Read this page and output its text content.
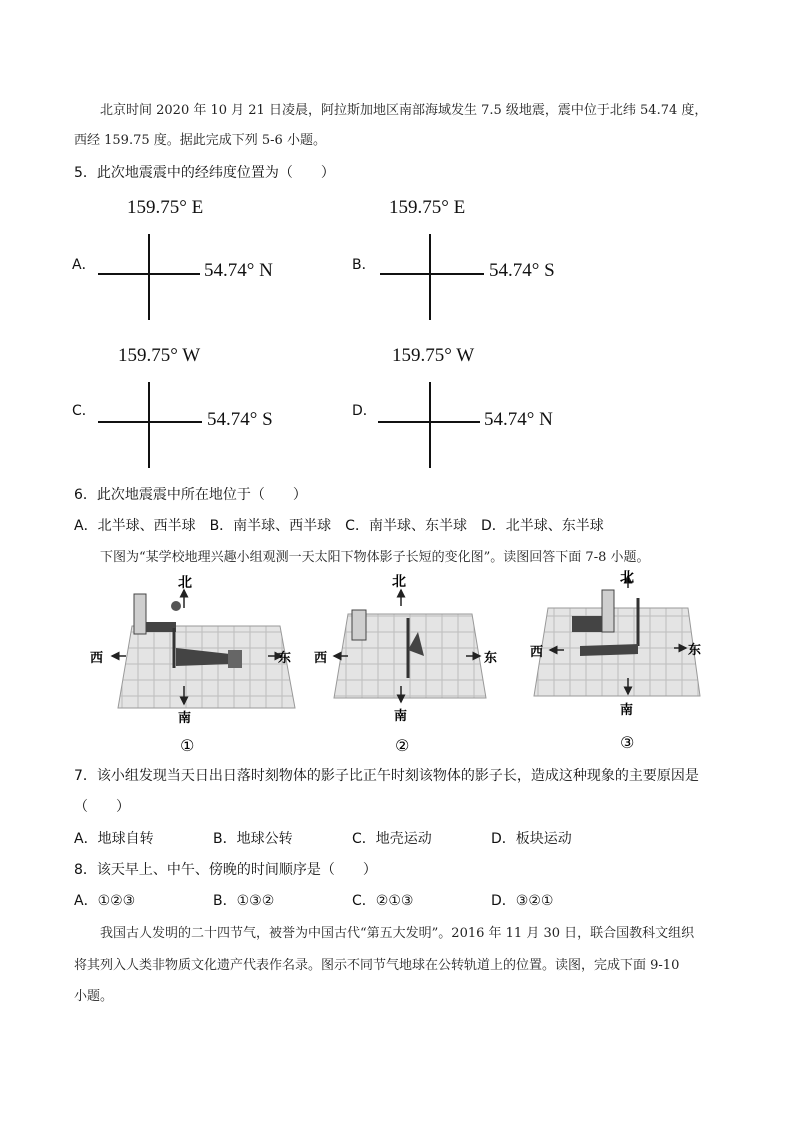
北京时间 2020 年 10 月 21 日凌晨，阿拉斯加地区南部海域发生 7.5 级地震，震中位于北纬 54.74 度，
西经 159.75 度。据此完成下列 5-6 小题。
5．此次地震震中的经纬度位置为（　　）
A．
159.75° E
54.74° N	B．
159.75° E
54.74° S
C．
159.75° W
54.74° S	D．
159.75° W
54.74° N
6．此次地震震中所在地位于（　　）
A．北半球、西半球　B．南半球、西半球　C．南半球、东半球　D．北半球、东半球
下图为“某学校地理兴趣小组观测一天太阳下物体影子长短的变化图”。读图回答下面 7-8 小题。
北
南
东
西
①
北
南
东
西
②
北
南
东
西
③
7．该小组发现当天日出日落时刻物体的影子比正午时刻该物体的影子长，造成这种现象的主要原因是
（　　）
A．地球自转	B．地球公转	C．地壳运动	D．板块运动
8．该天早上、中午、傍晚的时间顺序是（　　）
A．①②③	B．①③②	C．②①③	D．③②①
我国古人发明的二十四节气，被誉为中国古代“第五大发明”。2016 年 11 月 30 日，联合国教科文组织
将其列入人类非物质文化遗产代表作名录。图示不同节气地球在公转轨道上的位置。读图，完成下面 9-10
小题。
